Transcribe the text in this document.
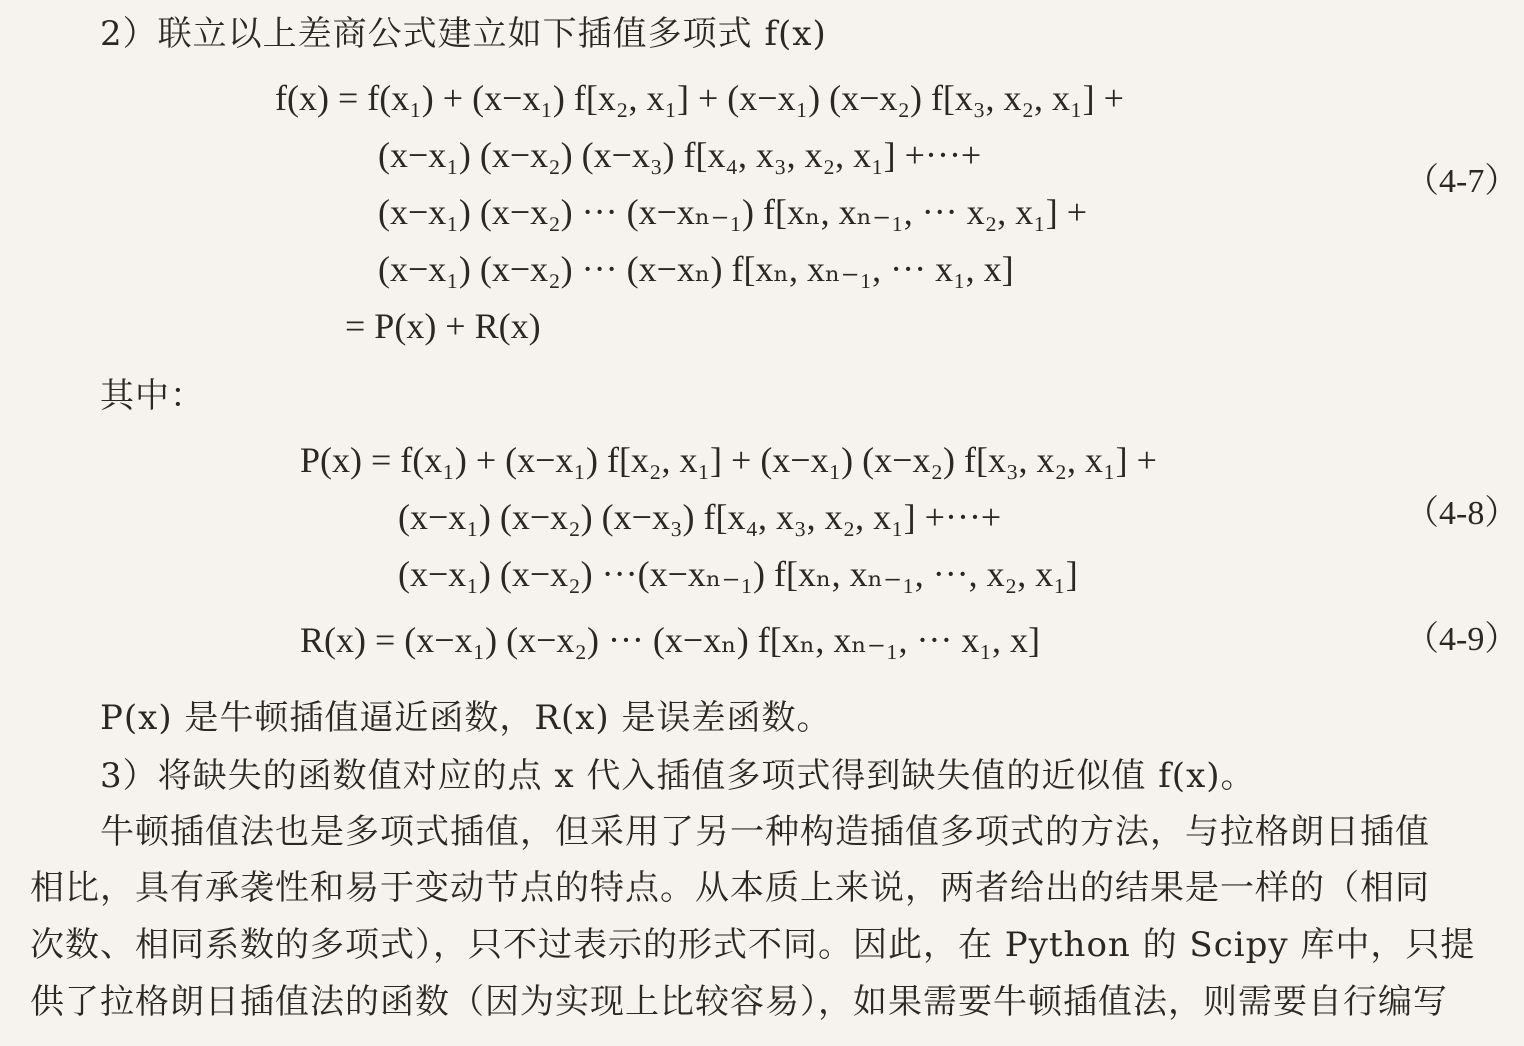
2）联立以上差商公式建立如下插值多项式 f(x)
f(x) = f(x₁) + (x−x₁) f[x₂, x₁] + (x−x₁) (x−x₂) f[x₃, x₂, x₁] +
(x−x₁) (x−x₂) (x−x₃) f[x₄, x₃, x₂, x₁] +···+
(x−x₁) (x−x₂) ··· (x−xₙ₋₁) f[xₙ, xₙ₋₁, ··· x₂, x₁] +
(x−x₁) (x−x₂) ··· (x−xₙ) f[xₙ, xₙ₋₁, ··· x₁, x]
= P(x) + R(x)
（4-7）
其中：
P(x) = f(x₁) + (x−x₁) f[x₂, x₁] + (x−x₁) (x−x₂) f[x₃, x₂, x₁] +
(x−x₁) (x−x₂) (x−x₃) f[x₄, x₃, x₂, x₁] +···+
(x−x₁) (x−x₂) ···(x−xₙ₋₁) f[xₙ, xₙ₋₁, ···, x₂, x₁]
（4-8）
R(x) = (x−x₁) (x−x₂) ··· (x−xₙ) f[xₙ, xₙ₋₁, ··· x₁, x]	（4-9）
P(x) 是牛顿插值逼近函数，R(x) 是误差函数。
3）将缺失的函数值对应的点 x 代入插值多项式得到缺失值的近似值 f(x)。
牛顿插值法也是多项式插值，但采用了另一种构造插值多项式的方法，与拉格朗日插值
相比，具有承袭性和易于变动节点的特点。从本质上来说，两者给出的结果是一样的（相同
次数、相同系数的多项式），只不过表示的形式不同。因此，在 Python 的 Scipy 库中，只提
供了拉格朗日插值法的函数（因为实现上比较容易），如果需要牛顿插值法，则需要自行编写
